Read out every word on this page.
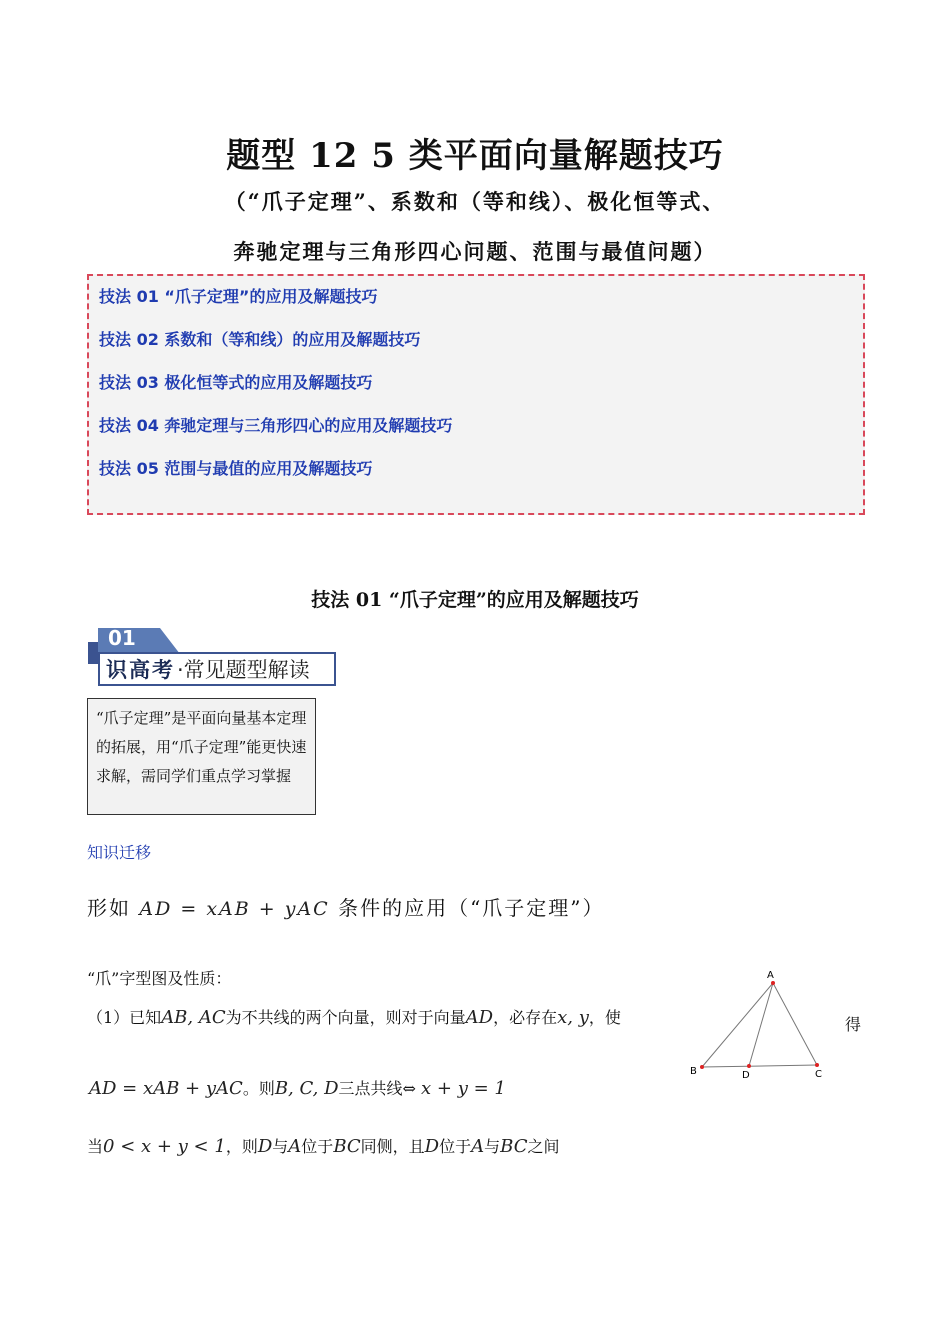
题型 12 5 类平面向量解题技巧
（“爪子定理”、系数和（等和线）、极化恒等式、
奔驰定理与三角形四心问题、范围与最值问题）
技法 01 “爪子定理”的应用及解题技巧
技法 02 系数和（等和线）的应用及解题技巧
技法 03 极化恒等式的应用及解题技巧
技法 04 奔驰定理与三角形四心的应用及解题技巧
技法 05 范围与最值的应用及解题技巧
技法 01 “爪子定理”的应用及解题技巧
01
识高考 ·常见题型解读
“爪子定理”是平面向量基本定理的拓展，用“爪子定理”能更快速求解，需同学们重点学习掌握
知识迁移
形如 AD = xAB + yAC 条件的应用（“爪子定理”）
“爪”字型图及性质：
（1）已知AB, AC为不共线的两个向量，则对于向量AD，必存在x, y，使	得
AD = xAB + yAC。则B, C, D三点共线⇔ x + y = 1
当0 < x + y < 1，则D与A位于BC同侧，且D位于A与BC之间
A
B	C
D
